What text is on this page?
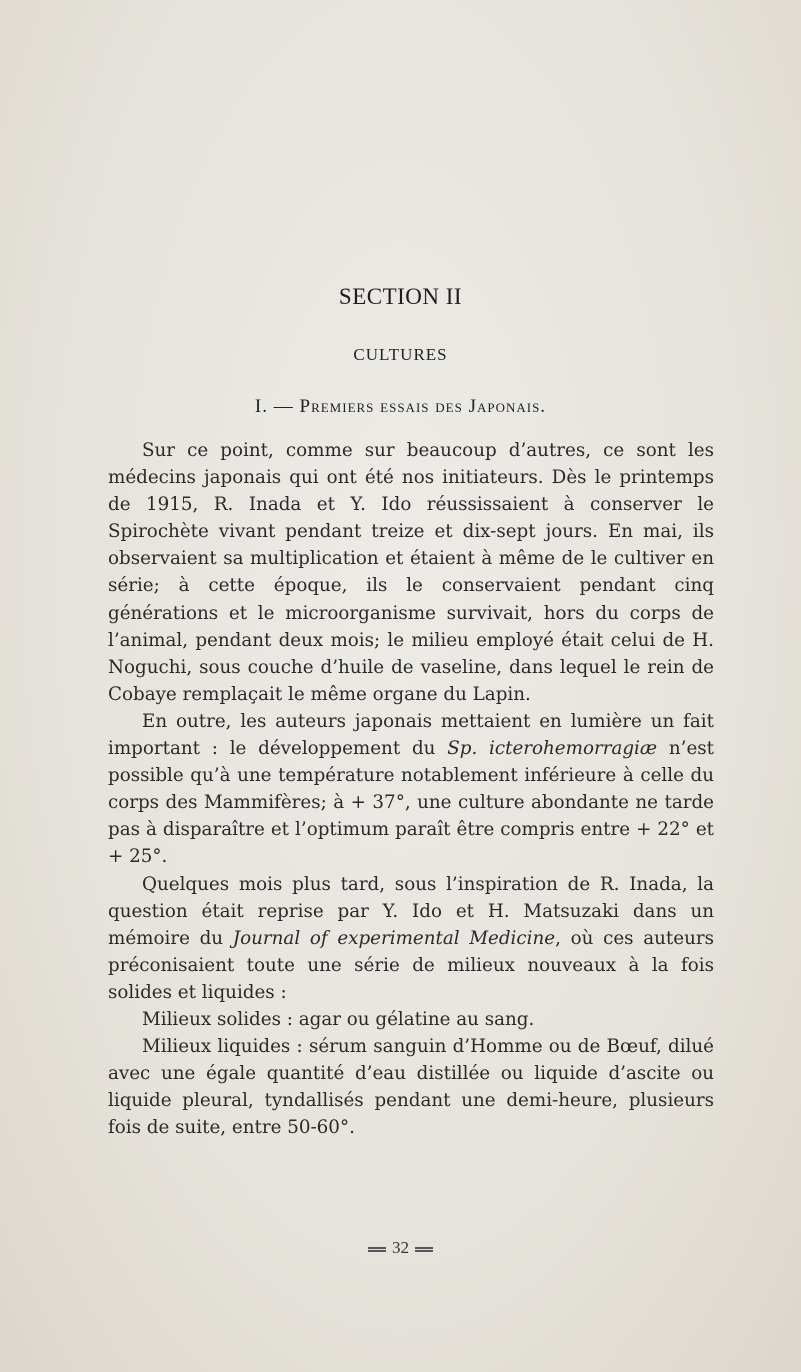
SECTION II
CULTURES
I. — Premiers essais des Japonais.

Sur ce point, comme sur beaucoup d’autres, ce sont les médecins japonais qui ont été nos initiateurs. Dès le printemps de 1915, R. Inada et Y. Ido réussissaient à conserver le Spirochète vivant pendant treize et dix-sept jours. En mai, ils observaient sa multiplication et étaient à même de le cultiver en série; à cette époque, ils le conservaient pendant cinq générations et le microorganisme survivait, hors du corps de l’animal, pendant deux mois; le milieu employé était celui de H. Noguchi, sous couche d’huile de vaseline, dans lequel le rein de Cobaye remplaçait le même organe du Lapin.

En outre, les auteurs japonais mettaient en lumière un fait important : le développement du Sp. icterohemorragiæ n’est possible qu’à une température notablement inférieure à celle du corps des Mammifères; à + 37°, une culture abondante ne tarde pas à disparaître et l’optimum paraît être compris entre + 22° et + 25°.

Quelques mois plus tard, sous l’inspiration de R. Inada, la question était reprise par Y. Ido et H. Matsuzaki dans un mémoire du Journal of experimental Medicine, où ces auteurs préconisaient toute une série de milieux nouveaux à la fois solides et liquides :

Milieux solides : agar ou gélatine au sang.

Milieux liquides : sérum sanguin d’Homme ou de Bœuf, dilué avec une égale quantité d’eau distillée ou liquide d’ascite ou liquide pleural, tyndallisés pendant une demi-heure, plusieurs fois de suite, entre 50-60°.

32
